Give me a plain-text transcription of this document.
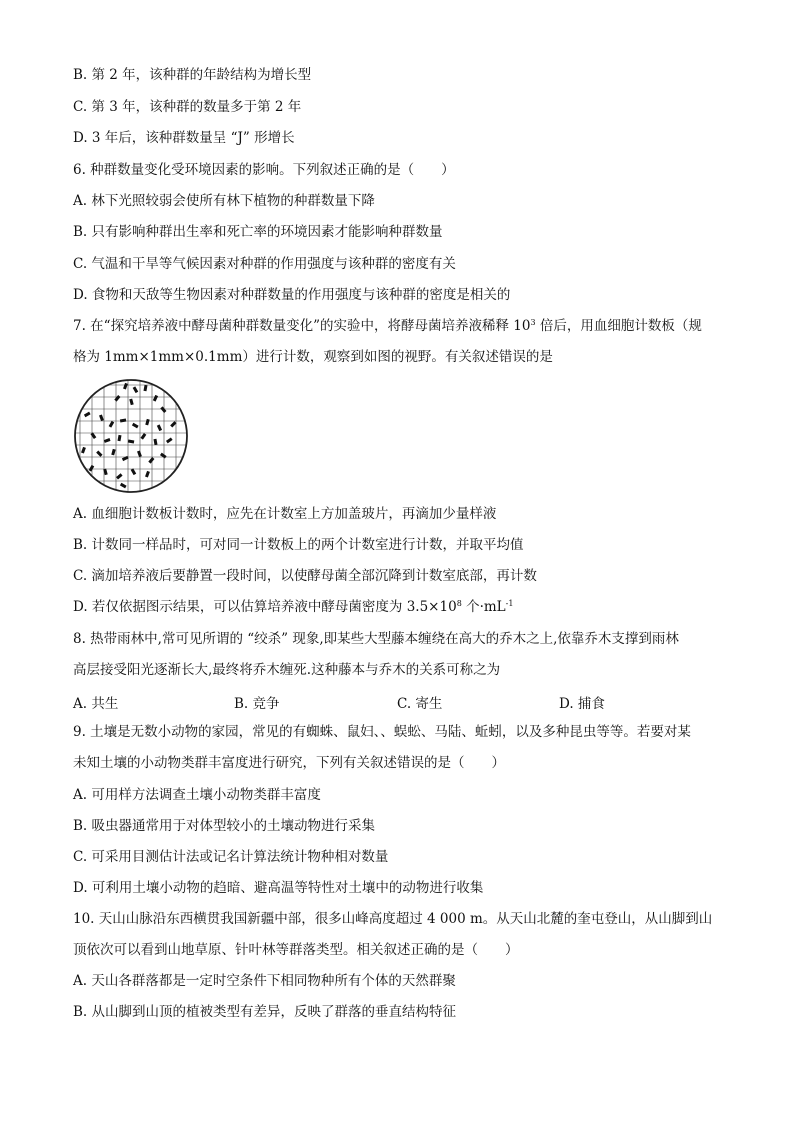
B. 第 2 年，该种群的年龄结构为增长型
C. 第 3 年，该种群的数量多于第 2 年
D. 3 年后，该种群数量呈 “J” 形增长
6. 种群数量变化受环境因素的影响。下列叙述正确的是（　　）
A. 林下光照较弱会使所有林下植物的种群数量下降
B. 只有影响种群出生率和死亡率的环境因素才能影响种群数量
C. 气温和干旱等气候因素对种群的作用强度与该种群的密度有关
D. 食物和天敌等生物因素对种群数量的作用强度与该种群的密度是相关的
7. 在“探究培养液中酵母菌种群数量变化”的实验中，将酵母菌培养液稀释 $10^3$ 倍后，用血细胞计数板（规
格为 1mm×1mm×0.1mm）进行计数，观察到如图的视野。有关叙述错误的是
A. 血细胞计数板计数时，应先在计数室上方加盖玻片，再滴加少量样液
B. 计数同一样品时，可对同一计数板上的两个计数室进行计数，并取平均值
C. 滴加培养液后要静置一段时间，以使酵母菌全部沉降到计数室底部，再计数
D. 若仅依据图示结果，可以估算培养液中酵母菌密度为 $3.5\times 10^8$ 个$\cdot mL^{-1}$
8. 热带雨林中,常可见所谓的 “绞杀” 现象,即某些大型藤本缠绕在高大的乔木之上,依靠乔木支撑到雨林
高层接受阳光逐渐长大,最终将乔木缠死.这种藤本与乔木的关系可称之为
A. 共生	B. 竞争	C. 寄生	D. 捕食
9. 土壤是无数小动物的家园，常见的有蜘蛛、鼠妇、、蜈蚣、马陆、蚯蚓，以及多种昆虫等等。若要对某
未知土壤的小动物类群丰富度进行研究，下列有关叙述错误的是（　　）
A. 可用样方法调查土壤小动物类群丰富度
B. 吸虫器通常用于对体型较小的土壤动物进行采集
C. 可采用目测估计法或记名计算法统计物种相对数量
D. 可利用土壤小动物的趋暗、避高温等特性对土壤中的动物进行收集
10. 天山山脉沿东西横贯我国新疆中部，很多山峰高度超过 4 000 m。从天山北麓的奎屯登山，从山脚到山
顶依次可以看到山地草原、针叶林等群落类型。相关叙述正确的是（　　）
A. 天山各群落都是一定时空条件下相同物种所有个体的天然群聚
B. 从山脚到山顶的植被类型有差异，反映了群落的垂直结构特征
